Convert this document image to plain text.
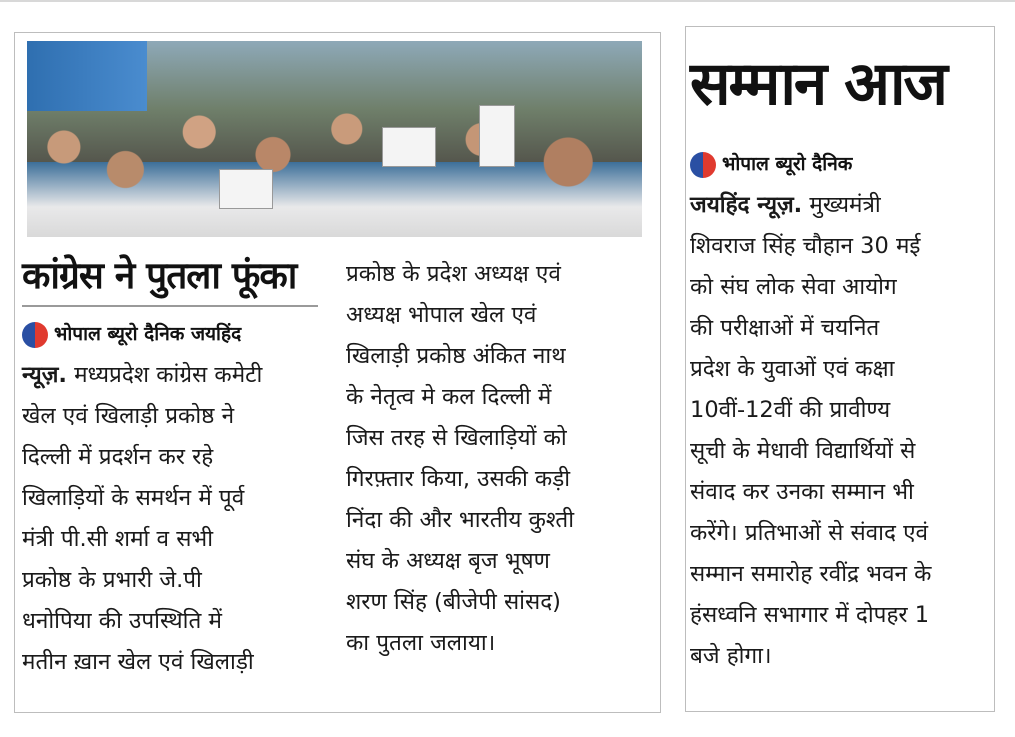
कांग्रेस ने पुतला फूंका
भोपाल ब्यूरो दैनिक जयहिंद

न्यूज़. मध्यप्रदेश कांग्रेस कमेटी

खेल एवं खिलाड़ी प्रकोष्ठ ने

दिल्ली में प्रदर्शन कर रहे

खिलाड़ियों के समर्थन में पूर्व

मंत्री पी.सी शर्मा व सभी

प्रकोष्ठ के प्रभारी जे.पी

धनोपिया की उपस्थिति में

मतीन ख़ान खेल एवं खिलाड़ी

प्रकोष्ठ के प्रदेश अध्यक्ष एवं

अध्यक्ष भोपाल खेल एवं

खिलाड़ी प्रकोष्ठ अंकित नाथ

के नेतृत्व मे कल दिल्ली में

जिस तरह से खिलाड़ियों को

गिरफ़्तार किया, उसकी कड़ी

निंदा की और भारतीय कुश्ती

संघ के अध्यक्ष बृज भूषण

शरण सिंह (बीजेपी सांसद)

का पुतला जलाया।

सम्मान आज
भोपाल ब्यूरो दैनिक

जयहिंद न्यूज़. मुख्यमंत्री

शिवराज सिंह चौहान 30 मई

को संघ लोक सेवा आयोग

की परीक्षाओं में चयनित

प्रदेश के युवाओं एवं कक्षा

10वीं-12वीं की प्रावीण्य

सूची के मेधावी विद्यार्थियों से

संवाद कर उनका सम्मान भी

करेंगे। प्रतिभाओं से संवाद एवं

सम्मान समारोह रवींद्र भवन के

हंसध्वनि सभागार में दोपहर 1

बजे होगा।
